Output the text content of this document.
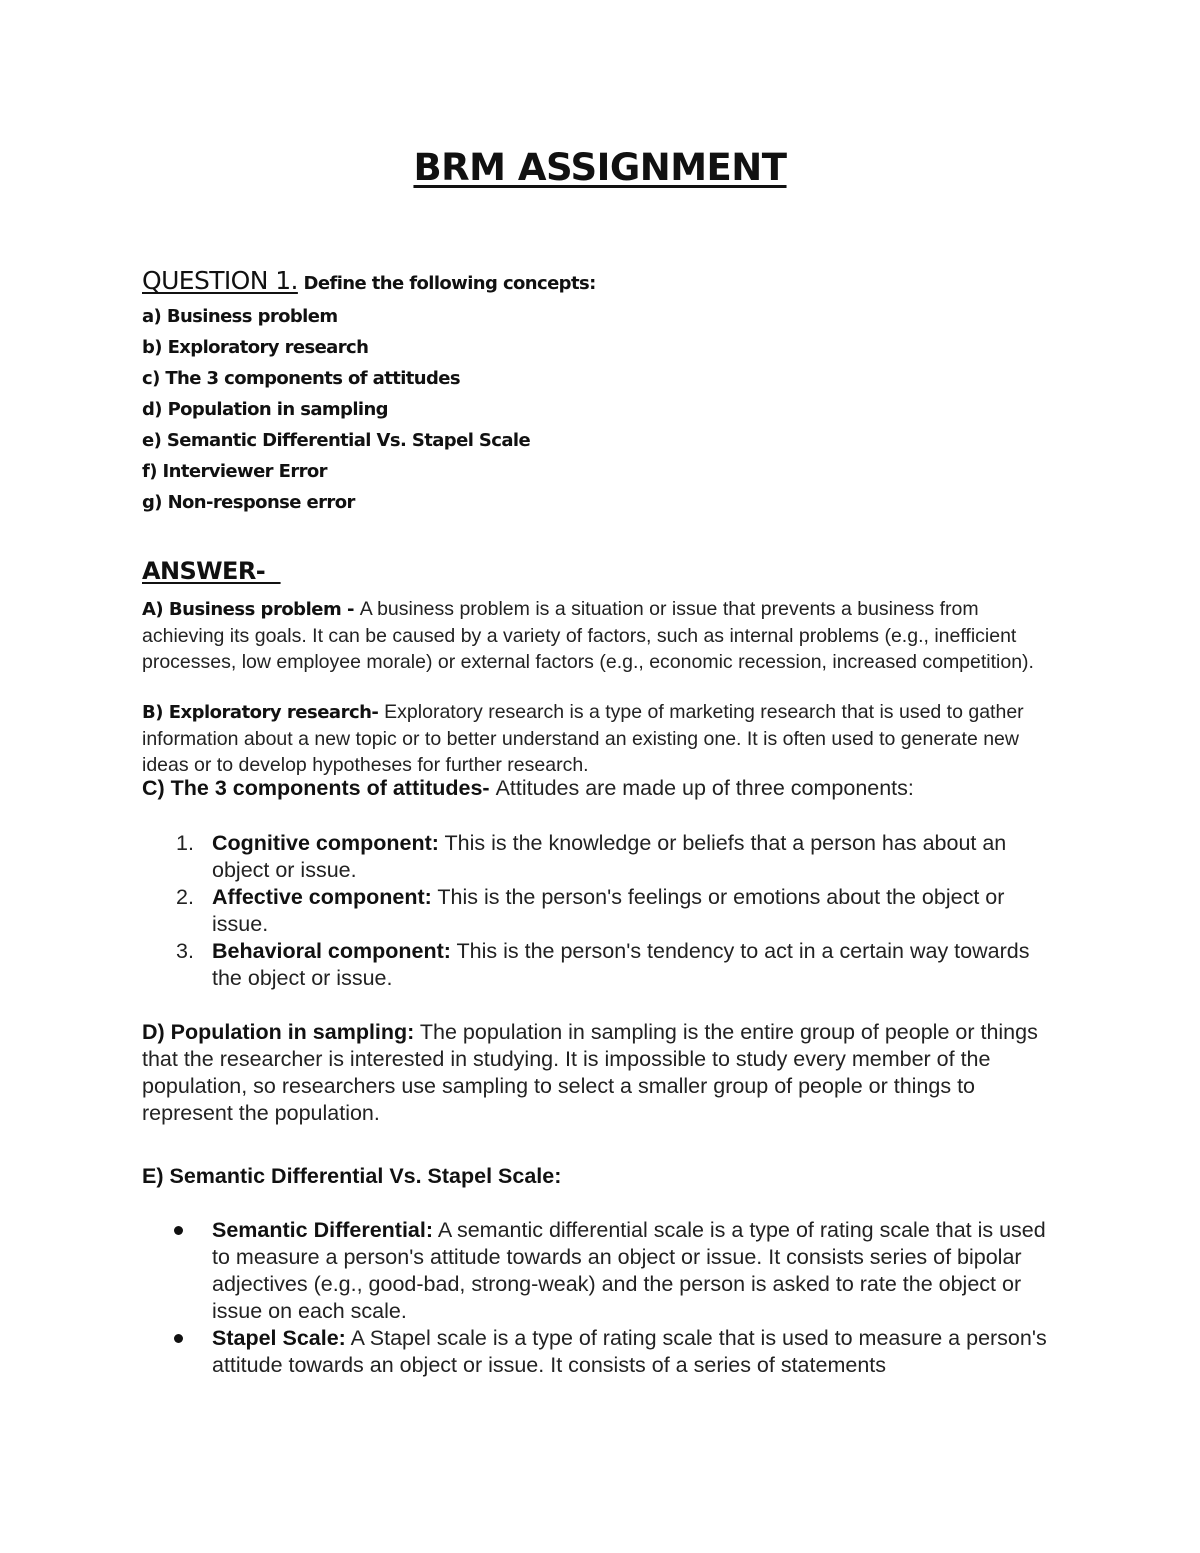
BRM ASSIGNMENT

QUESTION 1. Define the following concepts:

a) Business problem
b) Exploratory research
c) The 3 components of attitudes
d) Population in sampling
e) Semantic Differential Vs. Stapel Scale
f) Interviewer Error
g) Non-response error
ANSWER-

A) Business problem - A business problem is a situation or issue that prevents a business from achieving its goals. It can be caused by a variety of factors, such as internal problems (e.g., inefficient processes, low employee morale) or external factors (e.g., economic recession, increased competition).

B) Exploratory research- Exploratory research is a type of marketing research that is used to gather information about a new topic or to better understand an existing one. It is often used to generate new ideas or to develop hypotheses for further research.

C) The 3 components of attitudes- Attitudes are made up of three components:

1. Cognitive component: This is the knowledge or beliefs that a person has about an object or issue.
2. Affective component: This is the person's feelings or emotions about the object or issue.
3. Behavioral component: This is the person's tendency to act in a certain way towards the object or issue.

D) Population in sampling: The population in sampling is the entire group of people or things that the researcher is interested in studying. It is impossible to study every member of the population, so researchers use sampling to select a smaller group of people or things to represent the population.

E) Semantic Differential Vs. Stapel Scale:

Semantic Differential: A semantic differential scale is a type of rating scale that is used to measure a person's attitude towards an object or issue. It consists series of bipolar adjectives (e.g., good-bad, strong-weak) and the person is asked to rate the object or issue on each scale.
Stapel Scale: A Stapel scale is a type of rating scale that is used to measure a person's attitude towards an object or issue. It consists of a series of statements
